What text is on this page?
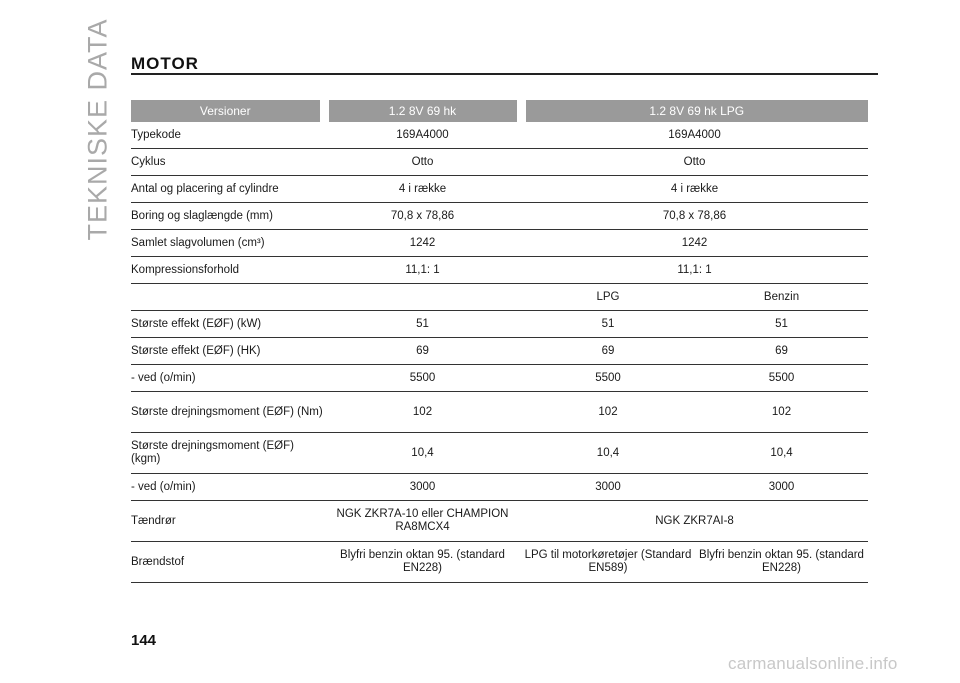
TEKNISKE DATA MOTOR
Versioner	1.2 8V 69 hk	1.2 8V 69 hk LPG	
Typekode	169A4000	169A4000	
Cyklus	Otto	Otto	
Antal og placering af cylindre	4 i række	4 i række	
Boring og slaglængde (mm)	70,8 x 78,86	70,8 x 78,86	
Samlet slagvolumen (cm³)	1242	1242	
Kompressionsforhold	11,1: 1	11,1: 1	
		LPG	Benzin
Største effekt (EØF) (kW)	51	51	51
Største effekt (EØF) (HK)	69	69	69
- ved (o/min)	5500	5500	5500
Største drejningsmoment (EØF) (Nm)	102	102	102
Største drejningsmoment (EØF) (kgm)	10,4	10,4	10,4
- ved (o/min)	3000	3000	3000
Tændrør	NGK ZKR7A-10 eller CHAMPION RA8MCX4	NGK ZKR7AI-8	
Brændstof	Blyfri benzin oktan 95. (standard EN228)	LPG til motorkøretøjer (Standard EN589)	Blyfri benzin oktan 95. (standard EN228)
144
carmanualsonline.info
